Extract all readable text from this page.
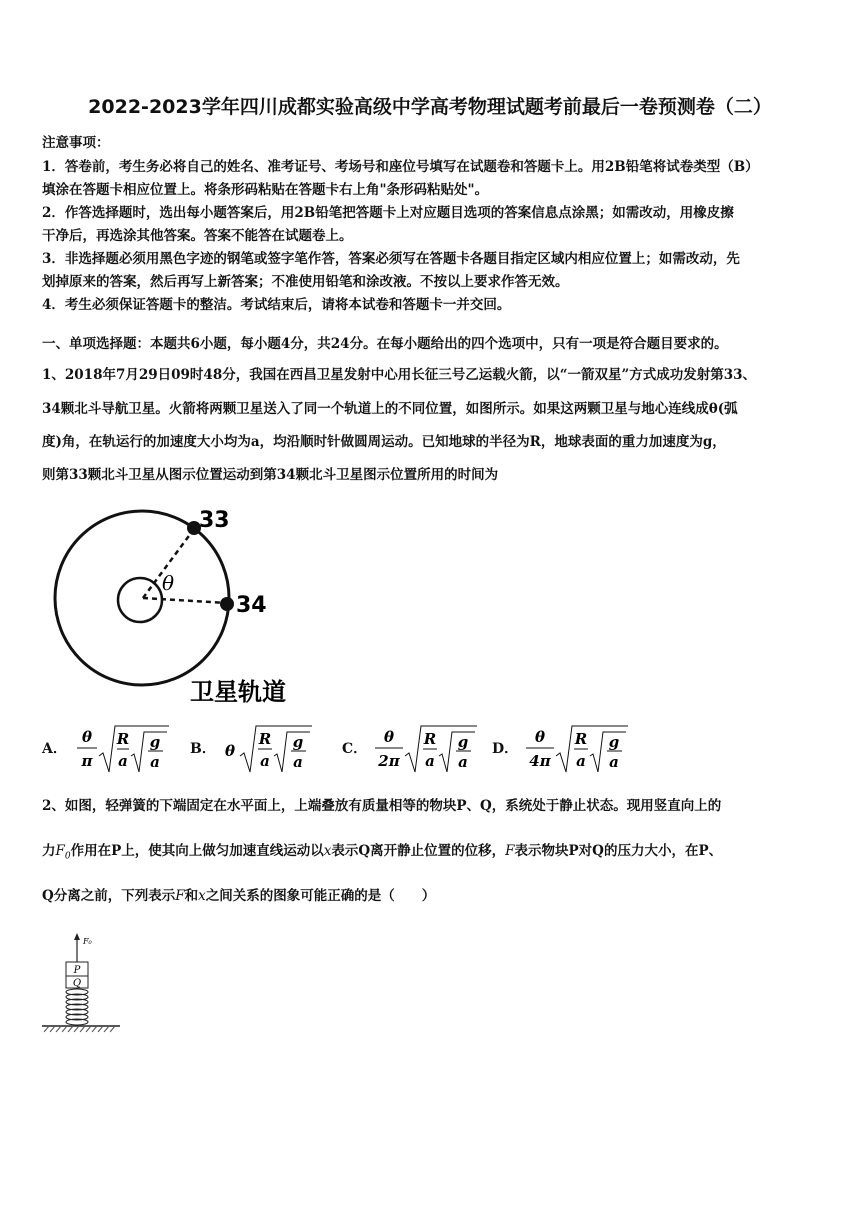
2022-2023学年四川成都实验高级中学高考物理试题考前最后一卷预测卷（二）
注意事项：
1．答卷前，考生务必将自己的姓名、准考证号、考场号和座位号填写在试题卷和答题卡上。用2B铅笔将试卷类型（B）
填涂在答题卡相应位置上。将条形码粘贴在答题卡右上角"条形码粘贴处"。
2．作答选择题时，选出每小题答案后，用2B铅笔把答题卡上对应题目选项的答案信息点涂黑；如需改动，用橡皮擦
干净后，再选涂其他答案。答案不能答在试题卷上。
3．非选择题必须用黑色字迹的钢笔或签字笔作答，答案必须写在答题卡各题目指定区域内相应位置上；如需改动，先
划掉原来的答案，然后再写上新答案；不准使用铅笔和涂改液。不按以上要求作答无效。
4．考生必须保证答题卡的整洁。考试结束后，请将本试卷和答题卡一并交回。
一、单项选择题：本题共6小题，每小题4分，共24分。在每小题给出的四个选项中，只有一项是符合题目要求的。
1、2018年7月29日09时48分，我国在西昌卫星发射中心用长征三号乙运载火箭，以“一箭双星”方式成功发射第33、
34颗北斗导航卫星。火箭将两颗卫星送入了同一个轨道上的不同位置，如图所示。如果这两颗卫星与地心连线成θ(弧
度)角，在轨运行的加速度大小均为a，均沿顺时针做圆周运动。已知地球的半径为R，地球表面的重力加速度为g，
则第33颗北斗卫星从图示位置运动到第34颗北斗卫星图示位置所用的时间为
33
34
θ
卫星轨道
A．
θ
π
R
a
g
a
B． θ
R
a
g
a
C．
θ
2π
R
a
g
a
D．
θ
4π
R
a
g
a
2、如图，轻弹簧的下端固定在水平面上，上端叠放有质量相等的物块P、Q，系统处于静止状态。现用竖直向上的
力$F_0$作用在P上，使其向上做匀加速直线运动以x表示Q离开静止位置的位移，F表示物块P对Q的压力大小，在P、
Q分离之前，下列表示F和x之间关系的图象可能正确的是（　　）
F₀
P
Q
